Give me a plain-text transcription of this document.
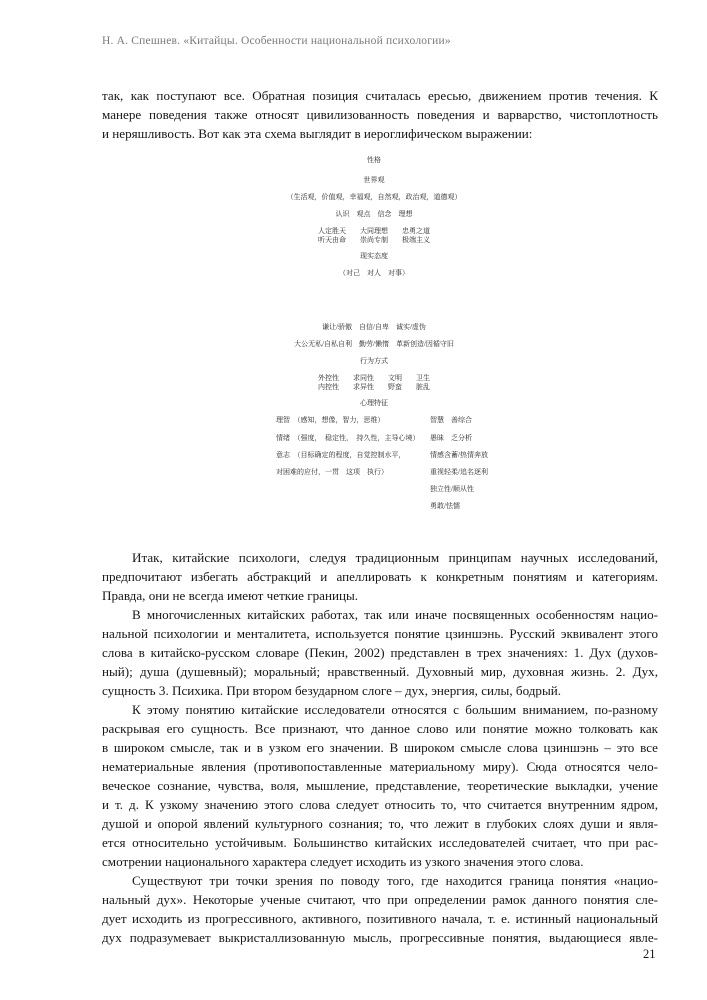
Н. А. Спешнев. «Китайцы. Особенности национальной психологии»

так, как поступают все. Обратная позиция считалась ересью, движением против течения. К

манере поведения также относят цивилизованность поведения и варварство, чистоплотность

и неряшливость. Вот как эта схема выглядит в иероглифическом выражении:

性格
世界观
（生活观，价值观，幸福观，自然观，政治观，道德观）
认识　观点　信念　理想
人定胜天　　大同理想　　忠勇之道
听天由命　　崇尚专制　　极端主义
现实态度
（对己　对人　对事）
谦让/骄傲　自信/自卑　诚实/虚伪
大公无私/自私自利　勤劳/懒惰　革新创造/因循守旧
行为方式
外控性　　求同性　　文明　　卫生
内控性　　求异性　　野蛮　　脏乱
心理特征
理智　（感知，想像，智力，思维）
情绪　（强度，　稳定性，　持久性，主导心境）
意志　（目标确定的程度，自觉控制水平，
对困难的应付，一贯　这项　执行）
智慧　善综合
愚昧　乏分析
情感含蓄/热情奔放
重视轻柔/追名逐利
独立性/顺从性
勇敢/怯懦

Итак, китайские психологи, следуя традиционным принципам научных исследований,

предпочитают избегать абстракций и апеллировать к конкретным понятиям и категориям.

Правда, они не всегда имеют четкие границы.

В многочисленных китайских работах, так или иначе посвященных особенностям нацио-

нальной психологии и менталитета, используется понятие цзиншэнь. Русский эквивалент этого

слова в китайско-русском словаре (Пекин, 2002) представлен в трех значениях: 1. Дух (духов-

ный); душа (душевный); моральный; нравственный. Духовный мир, духовная жизнь. 2. Дух,

сущность 3. Психика. При втором безударном слоге – дух, энергия, силы, бодрый.

К этому понятию китайские исследователи относятся с большим вниманием, по-разному

раскрывая его сущность. Все признают, что данное слово или понятие можно толковать как

в широком смысле, так и в узком его значении. В широком смысле слова цзиншэнь – это все

нематериальные явления (противопоставленные материальному миру). Сюда относятся чело-

веческое сознание, чувства, воля, мышление, представление, теоретические выкладки, учение

и т. д. К узкому значению этого слова следует относить то, что считается внутренним ядром,

душой и опорой явлений культурного сознания; то, что лежит в глубоких слоях души и явля-

ется относительно устойчивым. Большинство китайских исследователей считает, что при рас-

смотрении национального характера следует исходить из узкого значения этого слова.

Существуют три точки зрения по поводу того, где находится граница понятия «нацио-

нальный дух». Некоторые ученые считают, что при определении рамок данного понятия сле-

дует исходить из прогрессивного, активного, позитивного начала, т. е. истинный национальный

дух подразумевает выкристаллизованную мысль, прогрессивные понятия, выдающиеся явле-

21
